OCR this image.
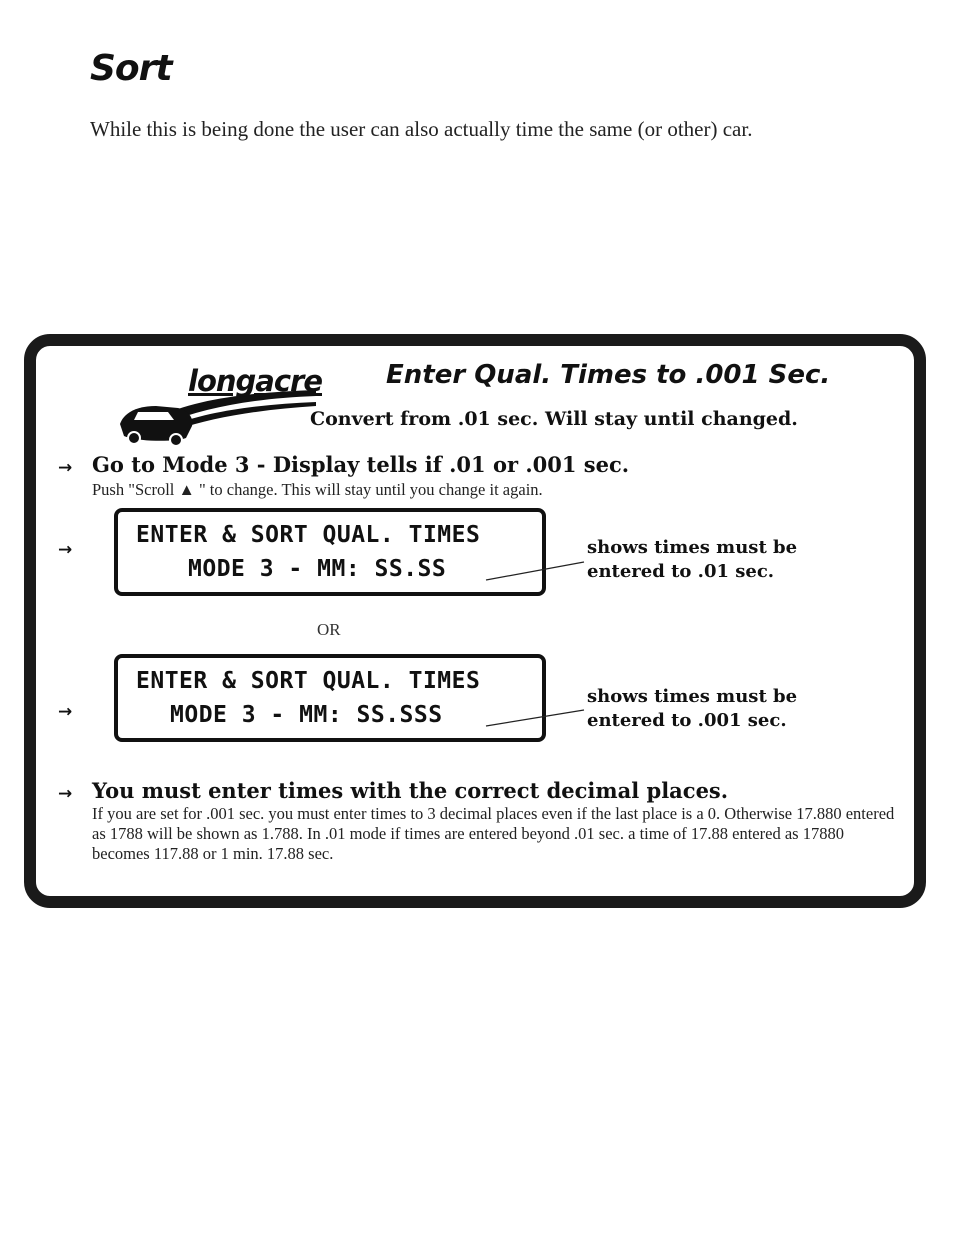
Sort
While this is being done the user can also actually time the same (or other) car.
longacre Enter Qual. Times to .001 Sec.
Convert from .01 sec. Will stay until changed.
→ Go to Mode 3 - Display tells if .01 or .001 sec.
Push "Scroll ▲ " to change. This will stay until you change it again.
→
ENTER & SORT QUAL. TIMES
MODE 3 - MM: SS.SS
shows times must be
entered to .01 sec.
OR
→
ENTER & SORT QUAL. TIMES
MODE 3 - MM: SS.SSS
shows times must be
entered to .001 sec.
→ You must enter times with the correct decimal places.
If you are set for .001 sec. you must enter times to 3 decimal places even if the last place is a 0. Otherwise 17.880 entered as 1788 will be shown as 1.788. In .01 mode if times are entered beyond .01 sec. a time of 17.88 entered as 17880 becomes 117.88 or 1 min. 17.88 sec.
